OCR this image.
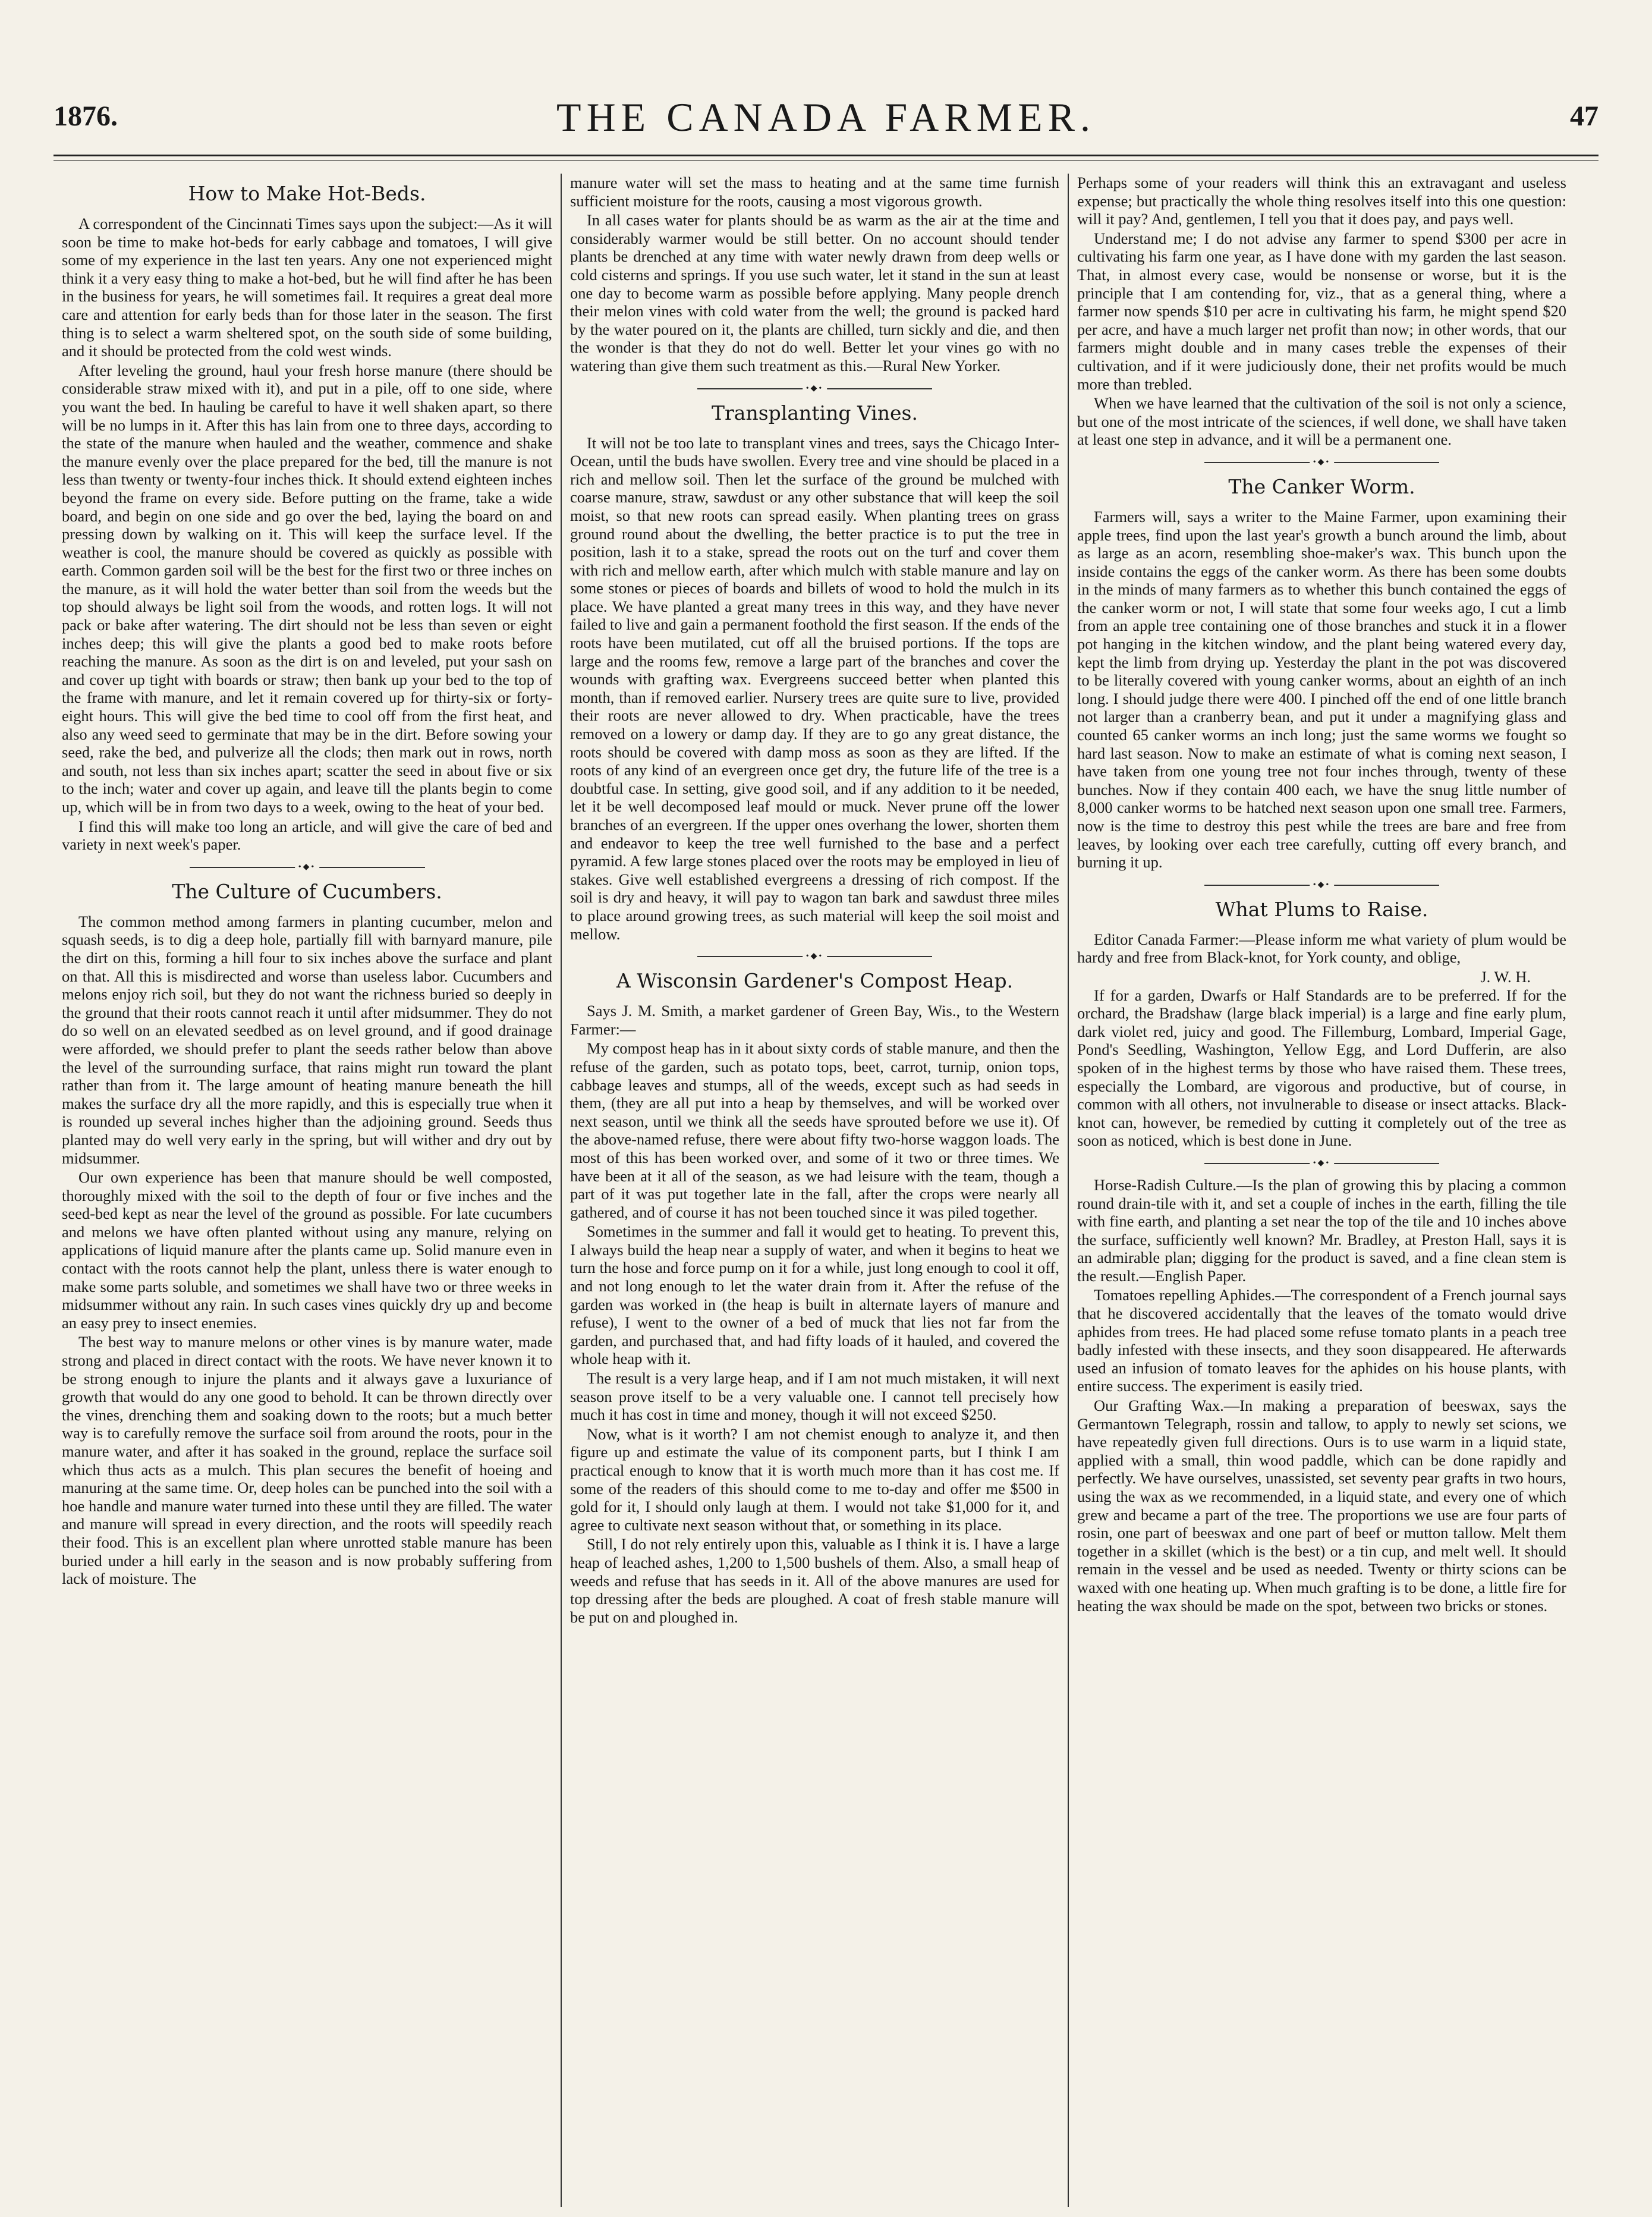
1876.	THE CANADA FARMER.	47
How to Make Hot-Beds.

A correspondent of the Cincinnati Times says upon the subject:—As it will soon be time to make hot-beds for early cabbage and tomatoes, I will give some of my experience in the last ten years. Any one not experienced might think it a very easy thing to make a hot-bed, but he will find after he has been in the business for years, he will sometimes fail. It requires a great deal more care and attention for early beds than for those later in the season. The first thing is to select a warm sheltered spot, on the south side of some building, and it should be protected from the cold west winds.

After leveling the ground, haul your fresh horse manure (there should be considerable straw mixed with it), and put in a pile, off to one side, where you want the bed. In hauling be careful to have it well shaken apart, so there will be no lumps in it. After this has lain from one to three days, according to the state of the manure when hauled and the weather, commence and shake the manure evenly over the place prepared for the bed, till the manure is not less than twenty or twenty-four inches thick. It should extend eighteen inches beyond the frame on every side. Before putting on the frame, take a wide board, and begin on one side and go over the bed, laying the board on and pressing down by walking on it. This will keep the surface level. If the weather is cool, the manure should be covered as quickly as possible with earth. Common garden soil will be the best for the first two or three inches on the manure, as it will hold the water better than soil from the weeds but the top should always be light soil from the woods, and rotten logs. It will not pack or bake after watering. The dirt should not be less than seven or eight inches deep; this will give the plants a good bed to make roots before reaching the manure. As soon as the dirt is on and leveled, put your sash on and cover up tight with boards or straw; then bank up your bed to the top of the frame with manure, and let it remain covered up for thirty-six or forty-eight hours. This will give the bed time to cool off from the first heat, and also any weed seed to germinate that may be in the dirt. Before sowing your seed, rake the bed, and pulverize all the clods; then mark out in rows, north and south, not less than six inches apart; scatter the seed in about five or six to the inch; water and cover up again, and leave till the plants begin to come up, which will be in from two days to a week, owing to the heat of your bed.

I find this will make too long an article, and will give the care of bed and variety in next week's paper.

•◆•
The Culture of Cucumbers.

The common method among farmers in planting cucumber, melon and squash seeds, is to dig a deep hole, partially fill with barnyard manure, pile the dirt on this, forming a hill four to six inches above the surface and plant on that. All this is misdirected and worse than useless labor. Cucumbers and melons enjoy rich soil, but they do not want the richness buried so deeply in the ground that their roots cannot reach it until after midsummer. They do not do so well on an elevated seedbed as on level ground, and if good drainage were afforded, we should prefer to plant the seeds rather below than above the level of the surrounding surface, that rains might run toward the plant rather than from it. The large amount of heating manure beneath the hill makes the surface dry all the more rapidly, and this is especially true when it is rounded up several inches higher than the adjoining ground. Seeds thus planted may do well very early in the spring, but will wither and dry out by midsummer.

Our own experience has been that manure should be well composted, thoroughly mixed with the soil to the depth of four or five inches and the seed-bed kept as near the level of the ground as possible. For late cucumbers and melons we have often planted without using any manure, relying on applications of liquid manure after the plants came up. Solid manure even in contact with the roots cannot help the plant, unless there is water enough to make some parts soluble, and sometimes we shall have two or three weeks in midsummer without any rain. In such cases vines quickly dry up and become an easy prey to insect enemies.

The best way to manure melons or other vines is by manure water, made strong and placed in direct contact with the roots. We have never known it to be strong enough to injure the plants and it always gave a luxuriance of growth that would do any one good to behold. It can be thrown directly over the vines, drenching them and soaking down to the roots; but a much better way is to carefully remove the surface soil from around the roots, pour in the manure water, and after it has soaked in the ground, replace the surface soil which thus acts as a mulch. This plan secures the benefit of hoeing and manuring at the same time. Or, deep holes can be punched into the soil with a hoe handle and manure water turned into these until they are filled. The water and manure will spread in every direction, and the roots will speedily reach their food. This is an excellent plan where unrotted stable manure has been buried under a hill early in the season and is now probably suffering from lack of moisture. The

manure water will set the mass to heating and at the same time furnish sufficient moisture for the roots, causing a most vigorous growth.

In all cases water for plants should be as warm as the air at the time and considerably warmer would be still better. On no account should tender plants be drenched at any time with water newly drawn from deep wells or cold cisterns and springs. If you use such water, let it stand in the sun at least one day to become warm as possible before applying. Many people drench their melon vines with cold water from the well; the ground is packed hard by the water poured on it, the plants are chilled, turn sickly and die, and then the wonder is that they do not do well. Better let your vines go with no watering than give them such treatment as this.—Rural New Yorker.

•◆•
Transplanting Vines.

It will not be too late to transplant vines and trees, says the Chicago Inter-Ocean, until the buds have swollen. Every tree and vine should be placed in a rich and mellow soil. Then let the surface of the ground be mulched with coarse manure, straw, sawdust or any other substance that will keep the soil moist, so that new roots can spread easily. When planting trees on grass ground round about the dwelling, the better practice is to put the tree in position, lash it to a stake, spread the roots out on the turf and cover them with rich and mellow earth, after which mulch with stable manure and lay on some stones or pieces of boards and billets of wood to hold the mulch in its place. We have planted a great many trees in this way, and they have never failed to live and gain a permanent foothold the first season. If the ends of the roots have been mutilated, cut off all the bruised portions. If the tops are large and the rooms few, remove a large part of the branches and cover the wounds with grafting wax. Evergreens succeed better when planted this month, than if removed earlier. Nursery trees are quite sure to live, provided their roots are never allowed to dry. When practicable, have the trees removed on a lowery or damp day. If they are to go any great distance, the roots should be covered with damp moss as soon as they are lifted. If the roots of any kind of an evergreen once get dry, the future life of the tree is a doubtful case. In setting, give good soil, and if any addition to it be needed, let it be well decomposed leaf mould or muck. Never prune off the lower branches of an evergreen. If the upper ones overhang the lower, shorten them and endeavor to keep the tree well furnished to the base and a perfect pyramid. A few large stones placed over the roots may be employed in lieu of stakes. Give well established evergreens a dressing of rich compost. If the soil is dry and heavy, it will pay to wagon tan bark and sawdust three miles to place around growing trees, as such material will keep the soil moist and mellow.

•◆•
A Wisconsin Gardener's Compost Heap.

Says J. M. Smith, a market gardener of Green Bay, Wis., to the Western Farmer:—

My compost heap has in it about sixty cords of stable manure, and then the refuse of the garden, such as potato tops, beet, carrot, turnip, onion tops, cabbage leaves and stumps, all of the weeds, except such as had seeds in them, (they are all put into a heap by themselves, and will be worked over next season, until we think all the seeds have sprouted before we use it). Of the above-named refuse, there were about fifty two-horse waggon loads. The most of this has been worked over, and some of it two or three times. We have been at it all of the season, as we had leisure with the team, though a part of it was put together late in the fall, after the crops were nearly all gathered, and of course it has not been touched since it was piled together.

Sometimes in the summer and fall it would get to heating. To prevent this, I always build the heap near a supply of water, and when it begins to heat we turn the hose and force pump on it for a while, just long enough to cool it off, and not long enough to let the water drain from it. After the refuse of the garden was worked in (the heap is built in alternate layers of manure and refuse), I went to the owner of a bed of muck that lies not far from the garden, and purchased that, and had fifty loads of it hauled, and covered the whole heap with it.

The result is a very large heap, and if I am not much mistaken, it will next season prove itself to be a very valuable one. I cannot tell precisely how much it has cost in time and money, though it will not exceed $250.

Now, what is it worth? I am not chemist enough to analyze it, and then figure up and estimate the value of its component parts, but I think I am practical enough to know that it is worth much more than it has cost me. If some of the readers of this should come to me to-day and offer me $500 in gold for it, I should only laugh at them. I would not take $1,000 for it, and agree to cultivate next season without that, or something in its place.

Still, I do not rely entirely upon this, valuable as I think it is. I have a large heap of leached ashes, 1,200 to 1,500 bushels of them. Also, a small heap of weeds and refuse that has seeds in it. All of the above manures are used for top dressing after the beds are ploughed. A coat of fresh stable manure will be put on and ploughed in.

Perhaps some of your readers will think this an extravagant and useless expense; but practically the whole thing resolves itself into this one question: will it pay? And, gentlemen, I tell you that it does pay, and pays well.

Understand me; I do not advise any farmer to spend $300 per acre in cultivating his farm one year, as I have done with my garden the last season. That, in almost every case, would be nonsense or worse, but it is the principle that I am contending for, viz., that as a general thing, where a farmer now spends $10 per acre in cultivating his farm, he might spend $20 per acre, and have a much larger net profit than now; in other words, that our farmers might double and in many cases treble the expenses of their cultivation, and if it were judiciously done, their net profits would be much more than trebled.

When we have learned that the cultivation of the soil is not only a science, but one of the most intricate of the sciences, if well done, we shall have taken at least one step in advance, and it will be a permanent one.

•◆•
The Canker Worm.

Farmers will, says a writer to the Maine Farmer, upon examining their apple trees, find upon the last year's growth a bunch around the limb, about as large as an acorn, resembling shoe-maker's wax. This bunch upon the inside contains the eggs of the canker worm. As there has been some doubts in the minds of many farmers as to whether this bunch contained the eggs of the canker worm or not, I will state that some four weeks ago, I cut a limb from an apple tree containing one of those branches and stuck it in a flower pot hanging in the kitchen window, and the plant being watered every day, kept the limb from drying up. Yesterday the plant in the pot was discovered to be literally covered with young canker worms, about an eighth of an inch long. I should judge there were 400. I pinched off the end of one little branch not larger than a cranberry bean, and put it under a magnifying glass and counted 65 canker worms an inch long; just the same worms we fought so hard last season. Now to make an estimate of what is coming next season, I have taken from one young tree not four inches through, twenty of these bunches. Now if they contain 400 each, we have the snug little number of 8,000 canker worms to be hatched next season upon one small tree. Farmers, now is the time to destroy this pest while the trees are bare and free from leaves, by looking over each tree carefully, cutting off every branch, and burning it up.

•◆•
What Plums to Raise.

Editor Canada Farmer:—Please inform me what variety of plum would be hardy and free from Black-knot, for York county, and oblige,

J. W. H.

If for a garden, Dwarfs or Half Standards are to be preferred. If for the orchard, the Bradshaw (large black imperial) is a large and fine early plum, dark violet red, juicy and good. The Fillemburg, Lombard, Imperial Gage, Pond's Seedling, Washington, Yellow Egg, and Lord Dufferin, are also spoken of in the highest terms by those who have raised them. These trees, especially the Lombard, are vigorous and productive, but of course, in common with all others, not invulnerable to disease or insect attacks. Black-knot can, however, be remedied by cutting it completely out of the tree as soon as noticed, which is best done in June.

•◆•

Horse-Radish Culture.—Is the plan of growing this by placing a common round drain-tile with it, and set a couple of inches in the earth, filling the tile with fine earth, and planting a set near the top of the tile and 10 inches above the surface, sufficiently well known? Mr. Bradley, at Preston Hall, says it is an admirable plan; digging for the product is saved, and a fine clean stem is the result.—English Paper.

Tomatoes repelling Aphides.—The correspondent of a French journal says that he discovered accidentally that the leaves of the tomato would drive aphides from trees. He had placed some refuse tomato plants in a peach tree badly infested with these insects, and they soon disappeared. He afterwards used an infusion of tomato leaves for the aphides on his house plants, with entire success. The experiment is easily tried.

Our Grafting Wax.—In making a preparation of beeswax, says the Germantown Telegraph, rossin and tallow, to apply to newly set scions, we have repeatedly given full directions. Ours is to use warm in a liquid state, applied with a small, thin wood paddle, which can be done rapidly and perfectly. We have ourselves, unassisted, set seventy pear grafts in two hours, using the wax as we recommended, in a liquid state, and every one of which grew and became a part of the tree. The proportions we use are four parts of rosin, one part of beeswax and one part of beef or mutton tallow. Melt them together in a skillet (which is the best) or a tin cup, and melt well. It should remain in the vessel and be used as needed. Twenty or thirty scions can be waxed with one heating up. When much grafting is to be done, a little fire for heating the wax should be made on the spot, between two bricks or stones.
